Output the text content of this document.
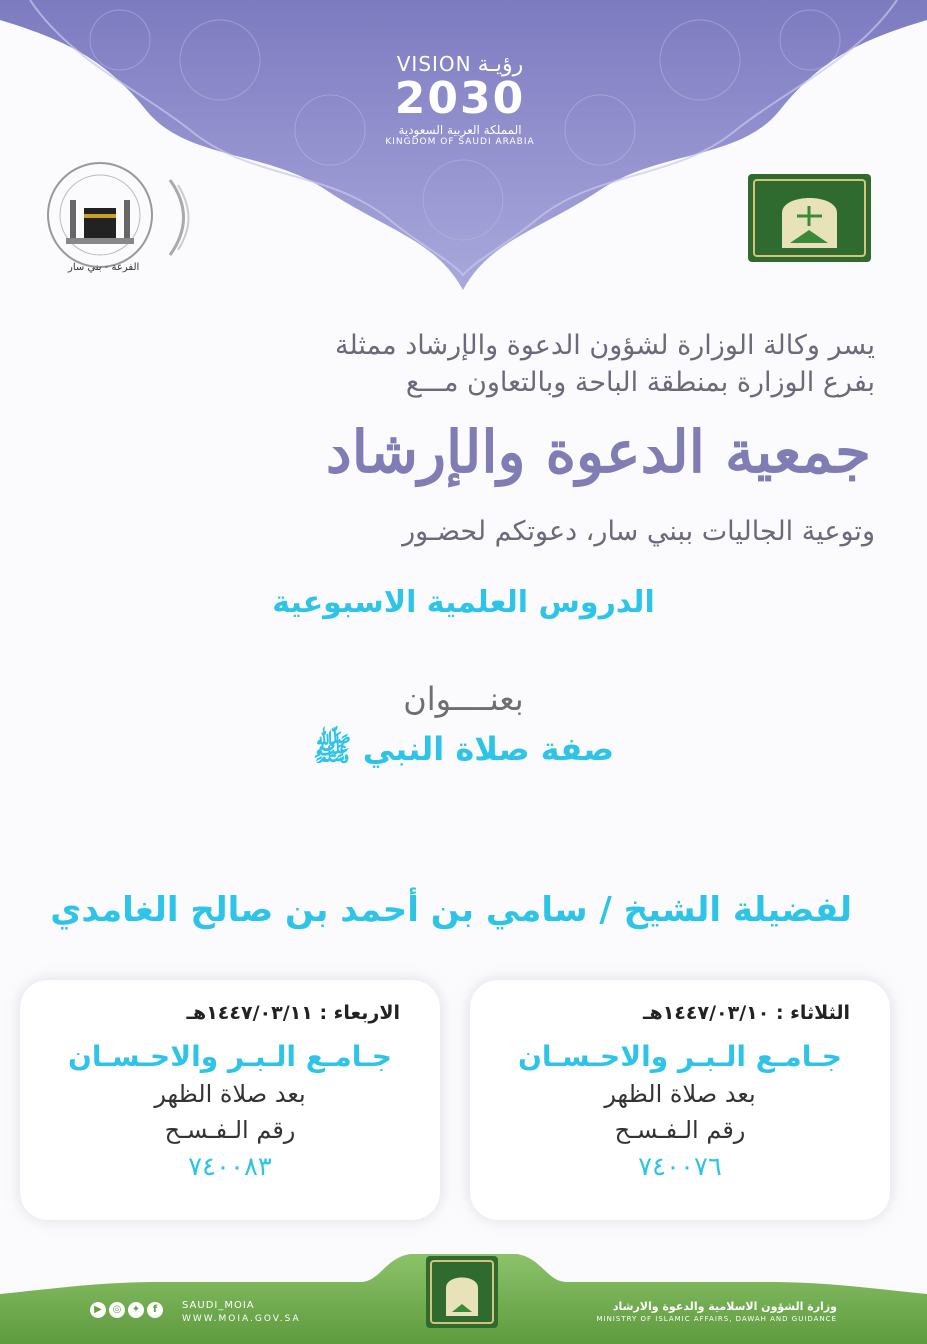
VISION رؤيـة
2030
المملكة العربية السعودية
KINGDOM OF SAUDI ARABIA
الفرعة - بني سار
يسر وكالة الوزارة لشؤون الدعوة والإرشاد ممثلة
بفرع الوزارة بمنطقة الباحة وبالتعاون مـــع
جمعية الدعوة والإرشاد
وتوعية الجاليات ببني سار، دعوتكم لحضـور
الدروس العلمية الاسبوعية
بعنــــوان
صفة صلاة النبي ﷺ
لفضيلة الشيخ / سامي بن أحمد بن صالح الغامدي
الثلاثاء : ١٤٤٧/٠٣/١٠هـ
جـامـع الـبـر والاحـسـان
بعد صلاة الظهر
رقم الـفـسـح
٧٤٠٠٧٦
الاربعاء : ١٤٤٧/٠٣/١١هـ
جـامـع الـبـر والاحـسـان
بعد صلاة الظهر
رقم الـفـسـح
٧٤٠٠٨٣
▶	◎	✦	f	SAUDI_MOIA
WWW.MOIA.GOV.SA
وزارة الشؤون الاسلامية والدعوة والارشاد
MINISTRY OF ISLAMIC AFFAIRS, DAWAH AND GUIDANCE
